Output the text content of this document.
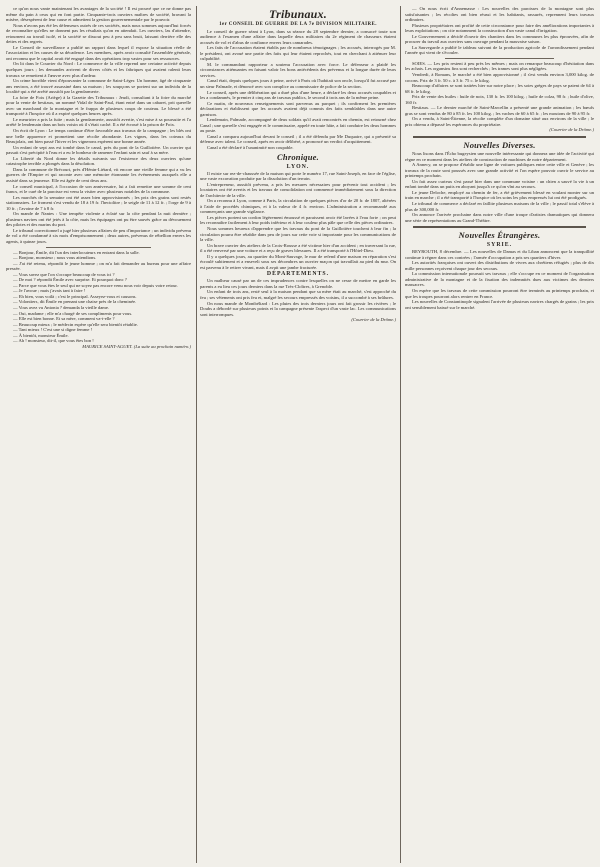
ce qu'on nous vante maintenant les avantages de la société ! Il est prouvé que ce ne donne pas même du pain à ceux qui en font partie. Cinquante-trois ouvriers maîtres de société, bravant la misère, désespèrent de leur cause et admettent la gestion gouvernementale par le pouvoir.

Nous n'avons pas été les défenseurs outrés de ces sociétés, mais nous sommes aujourd'hui forcés de reconnaître qu'elles ne donnent pas les résultats qu'on en attendait. Les ouvriers, las d'attendre, retournent au travail isolé, et la société se dissout peu à peu sans bruit, laissant derrière elle des dettes et des regrets.

Le Conseil de surveillance a publié un rapport dans lequel il expose la situation réelle de l'association et les causes de sa décadence. Les membres, après avoir consulté l'assemblée générale, ont reconnu que le capital avait été engagé dans des opérations trop vastes pour ses ressources.

On lit dans le Courrier du Nord : Le commerce de la ville reprend une certaine activité depuis quelques jours ; les demandes arrivent de divers côtés et les fabriques qui avaient ralenti leurs travaux se remettent à l'œuvre avec plus d'ardeur.

Un crime horrible vient d'épouvanter la commune de Saint-Léger. Un homme, âgé de cinquante ans environ, a été trouvé assassiné dans sa maison ; les soupçons se portent sur un individu de la localité qui a été arrêté aussitôt par la gendarmerie.

La foire de Foix (Ariège) à la Gazette des Tribunaux : Jeudi, consultant à la foire du marché pour la vente de bestiaux, un nommé Vidal de Saint-Paul, étant entré dans un cabaret, prit querelle avec un marchand de la montagne et le frappa de plusieurs coups de couteau. Le blessé a été transporté à l'hospice où il a expiré quelques heures après.

Le meurtrier a pris la fuite ; mais la gendarmerie, aussitôt avertie, s'est mise à sa poursuite et l'a arrêté le lendemain dans un bois voisin où il s'était caché. Il a été écroué à la prison de Foix.

On écrit de Lyon : Le temps continue d'être favorable aux travaux de la campagne ; les blés ont une belle apparence et promettent une récolte abondante. Les vignes, dans les coteaux du Beaujolais, ont bien passé l'hiver et les vignerons espèrent une bonne année.

Un enfant de sept ans est tombé dans le canal, près du pont de la Guillotière. Un ouvrier qui passait s'est précipité à l'eau et a eu le bonheur de ramener l'enfant sain et sauf à sa mère.

La Liberté du Nord donne les détails suivants sur l'existence des deux ouvriers qu'une catastrophe terrible a plongés dans la désolation.

Dans la commune de Brécourt, près d'Hénin-Liétard, vit encore une vieille femme qui a vu les guerres de l'Empire et qui raconte avec une mémoire étonnante les événements auxquels elle a assisté dans sa jeunesse. Elle est âgée de cent deux ans.

Le conseil municipal, à l'occasion de son anniversaire, lui a fait remettre une somme de cent francs, et le curé de la paroisse est venu la visiter avec plusieurs notables de la commune.

Les marchés de la semaine ont été assez bien approvisionnés ; les prix des grains sont restés stationnaires. Le froment s'est vendu de 18 à 19 fr. l'hectolitre ; le seigle de 11 à 12 fr. ; l'orge de 9 à 10 fr. ; l'avoine de 7 à 8 fr.

On mande de Nantes : Une tempête violente a éclaté sur la côte pendant la nuit dernière ; plusieurs navires ont été jetés à la côte, mais les équipages ont pu être sauvés grâce au dévouement des pilotes et des marins du port.

Le tribunal correctionnel a jugé hier plusieurs affaires de peu d'importance ; un individu prévenu de vol a été condamné à six mois d'emprisonnement ; deux autres, prévenus de rébellion envers les agents, à quinze jours.

— Bonjour, Émile, dit l'un des interlocuteurs en entrant dans la salle.

— Bonjour, monsieur ; nous vous attendions.

— J'ai été retenu, répondit le jeune homme ; on m'a fait demander au bureau pour une affaire pressée.

— Vous savez que l'on s'occupe beaucoup de vous ici ?

— De moi ? répondit Émile avec surprise. Et pourquoi donc ?

— Parce que vous êtes le seul qui ne soyez pas encore venu nous voir depuis votre retour.

— Je l'avoue ; mais j'avais tant à faire !

— Eh bien, vous voilà ; c'est le principal. Asseyez-vous et causons.

— Volontiers, dit Émile en prenant une chaise près de la cheminée.

— Vous avez vu Antonia ? demanda la vieille dame.

— Oui, madame ; elle m'a chargé de ses compliments pour vous.

— Elle est bien bonne. Et sa mère, comment va-t-elle ?

— Beaucoup mieux ; le médecin espère qu'elle sera bientôt rétablie.

— Tant mieux ! C'est une si digne femme !

— À bientôt, monsieur Émile.

— Ah ! monsieur, dit-il, que vous êtes bon !

MAURICE SAINT-AGUET. (La suite au prochain numéro.)

Tribunaux.
1er CONSEIL DE GUERRE DE LA 7e DIVISION MILITAIRE.

Le conseil de guerre séant à Lyon, dans sa séance du 28 septembre dernier, a consacré toute son audience à l'examen d'une affaire dans laquelle deux militaires du 2e régiment de chasseurs étaient accusés de vol et d'abus de confiance envers leurs camarades.

Les faits de l'accusation étaient établis par de nombreux témoignages ; les accusés, interrogés par M. le président, ont avoué une partie des faits qui leur étaient reprochés, tout en cherchant à atténuer leur culpabilité.

M. le commandant rapporteur a soutenu l'accusation avec force. Le défenseur a plaidé les circonstances atténuantes en faisant valoir les bons antécédents des prévenus et la longue durée de leurs services.

Canal était, depuis quelques jours à peine, arrivé à Paris où l'habitait son oncle, lorsqu'il fut accusé par un sieur Palmade, et dénoncé avec son complice au commissaire de police de la section.

Le conseil, après une délibération qui a duré plus d'une heure, a déclaré les deux accusés coupables et les a condamnés, le premier à cinq ans de travaux publics, le second à trois ans de la même peine.

Ce matin, de nouveaux renseignements sont parvenus au parquet ; ils confirment les premières déclarations et établissent que les accusés avaient déjà commis des faits semblables dans une autre garnison.

Lendemain, Palmade, accompagné de deux soldats qu'il avait rencontrés en chemin, est retourné chez Canal ; une querelle s'est engagée et le commissaire, appelé en toute hâte, a fait conduire les deux hommes au poste.

Canal a comparu aujourd'hui devant le conseil ; il a été défendu par Me Duquaire, qui a présenté sa défense avec talent. Le conseil, après en avoir délibéré, a prononcé un verdict d'acquittement.

Canal a été déclaré à l'unanimité non coupable.

Chronique.
LYON.

Il existe sur rez-de-chaussée de la maison qui porte le numéro 17, rue Saint-Joseph, en face de l'église, une vaste excavation produite par la dissolution d'un terrain.

L'entrepreneur, aussitôt prévenu, a pris les mesures nécessaires pour prévenir tout accident ; les locataires ont été avertis et les travaux de consolidation ont commencé immédiatement sous la direction de l'architecte de la ville.

On a reconnu à Lyon, comme à Paris, la circulation de quelques pièces d'or de 20 fr. de 1807, altérées à l'aide de procédés chimiques, et à la valeur de 4 fr. environ. L'administration a recommandé aux commerçants une grande vigilance.

Les pièces portent un cordon légèrement émoussé et paraissent avoir été lavées à l'eau forte ; on peut les reconnaître facilement à leur poids inférieur et à leur couleur plus pâle que celle des pièces ordinaires.

Nous sommes heureux d'apprendre que les travaux du pont de la Guillotière touchent à leur fin ; la circulation pourra être rétablie dans peu de jours sur cette voie si importante pour les communications de la ville.

Un brave ouvrier des ateliers de la Croix-Rousse a été victime hier d'un accident ; en traversant la rue, il a été renversé par une voiture et a reçu de graves blessures. Il a été transporté à l'Hôtel-Dieu.

Il y a quelques jours, au quartier du Mont-Sauvage, le mur de refend d'une maison en réparation s'est écroulé subitement et a enseveli sous ses décombres un ouvrier maçon qui travaillait au pied du mur. On est parvenu à le retirer vivant, mais il avait une jambe fracturée.

DÉPARTEMENTS.

Un malheur causé par un de ces imprudences contre lesquelles on ne cesse de mettre en garde les parents a eu lieu ces jours derniers dans la rue Très-Cloîtres, à Grenoble.

Un enfant de trois ans, resté seul à la maison pendant que sa mère était au marché, s'est approché du feu ; ses vêtements ont pris feu et, malgré les secours empressés des voisins, il a succombé à ses brûlures.

On nous mande de Montbéliard : Les pluies des trois derniers jours ont fait grossir les rivières ; le Doubs a débordé sur plusieurs points et la campagne présente l'aspect d'un vaste lac. Les communications sont interrompues.

(Courrier de la Drôme.)

— On nous écrit d'Annemasse : Les nouvelles des paroisses de la montagne sont plus satisfaisantes ; les récoltes ont bien réussi et les habitants, rassurés, reprennent leurs travaux ordinaires.

Plusieurs propriétaires ont profité de cette circonstance pour faire des améliorations importantes à leurs exploitations ; on cite notamment la construction d'un vaste canal d'irrigation.

Le Gouvernement a décidé d'ouvrir des chantiers dans les communes les plus éprouvées, afin de procurer du travail aux ouvriers sans ouvrage pendant la mauvaise saison.

La Sauvegarde a publié le tableau suivant de la production agricole de l'arrondissement pendant l'année qui vient de s'écouler.

SOIES. — Les prix restent à peu près les mêmes ; mais on remarque beaucoup d'hésitation dans les achats. Les organsins fins sont recherchés ; les trames sont plus négligées.

Vendredi, à Romans, le marché a été bien approvisionné ; il s'est vendu environ 3,000 kilog. de cocons. Prix de 3 fr. 50 c. à 3 fr. 75 c. le kilog.

Beaucoup d'affaires se sont traitées hier sur notre place ; les soies grèges de pays se paient de 64 à 68 fr. le kilog.

Prix de vente des huiles : huile de noix, 130 fr. les 100 kilog. ; huile de colza, 98 fr. ; huile d'olive, 160 fr.

Bestiaux. — Le dernier marché de Saint-Marcellin a présenté une grande animation ; les bœufs gras se sont vendus de 80 à 85 fr. les 100 kilog. ; les vaches de 60 à 65 fr. ; les moutons de 90 à 95 fr.

On a vendu, à Saint-Étienne, la récolte complète d'un domaine situé aux environs de la ville ; le prix obtenu a dépassé les espérances du propriétaire.

(Courrier de la Drôme.)

Nouvelles Diverses.

Nous lisons dans l'Écho bugeysien une nouvelle intéressante qui donnera une idée de l'activité qui règne en ce moment dans les ateliers de construction de machines de notre département.

A Annecy, on se propose d'établir une ligne de voitures publiques entre cette ville et Genève ; les travaux de la route sont poussés avec une grande activité et l'on espère pouvoir ouvrir le service au printemps prochain.

Un fait assez curieux s'est passé hier dans une commune voisine : un chien a sauvé la vie à un enfant tombé dans un puits en aboyant jusqu'à ce qu'on vînt au secours.

Le jeune Deloche, employé au chemin de fer, a été grièvement blessé en voulant monter sur un train en marche ; il a été transporté à l'hospice où les soins les plus empressés lui ont été prodigués.

Le tribunal de commerce a déclaré en faillite plusieurs maisons de la ville ; le passif total s'élève à plus de 300,000 fr.

On annonce l'arrivée prochaine dans notre ville d'une troupe d'artistes dramatiques qui donnera une série de représentations au Grand-Théâtre.

Nouvelles Étrangères.
SYRIE.

BEYROUTH, 8 décembre. — Les nouvelles de Damas et du Liban annoncent que la tranquillité continue à régner dans ces contrées ; l'armée d'occupation a pris ses quartiers d'hiver.

Les autorités françaises ont ouvert des distributions de vivres aux chrétiens réfugiés ; plus de dix mille personnes reçoivent chaque jour des secours.

La commission internationale poursuit ses travaux ; elle s'occupe en ce moment de l'organisation administrative de la montagne et de la fixation des indemnités dues aux victimes des derniers massacres.

On espère que les travaux de cette commission pourront être terminés au printemps prochain, et que les troupes pourront alors rentrer en France.

Les nouvelles de Constantinople signalent l'arrivée de plusieurs navires chargés de grains ; les prix ont sensiblement baissé sur le marché.
